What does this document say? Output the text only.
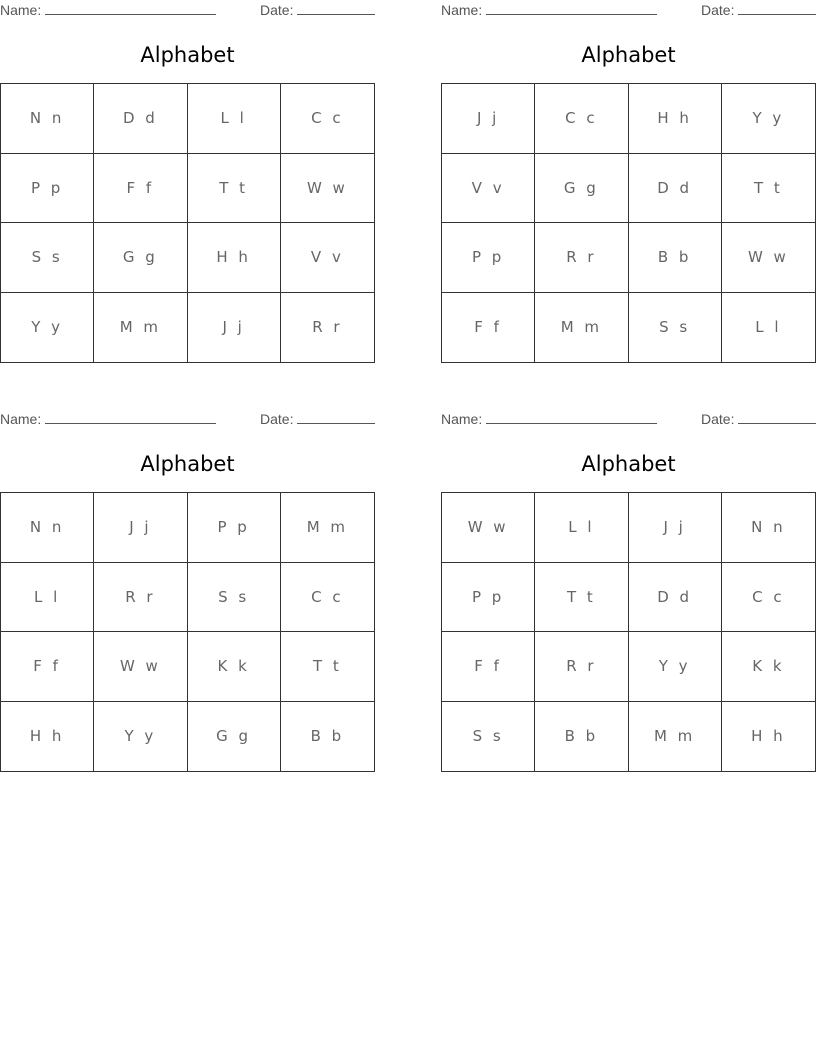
Name:	Date:
Alphabet
N n	D d	L l	C c
P p	F f	T t	W w
S s	G g	H h	V v
Y y	M m	J j	R r
Name:	Date:
Alphabet
J j	C c	H h	Y y
V v	G g	D d	T t
P p	R r	B b	W w
F f	M m	S s	L l
Name:	Date:
Alphabet
N n	J j	P p	M m
L l	R r	S s	C c
F f	W w	K k	T t
H h	Y y	G g	B b
Name:	Date:
Alphabet
W w	L l	J j	N n
P p	T t	D d	C c
F f	R r	Y y	K k
S s	B b	M m	H h
